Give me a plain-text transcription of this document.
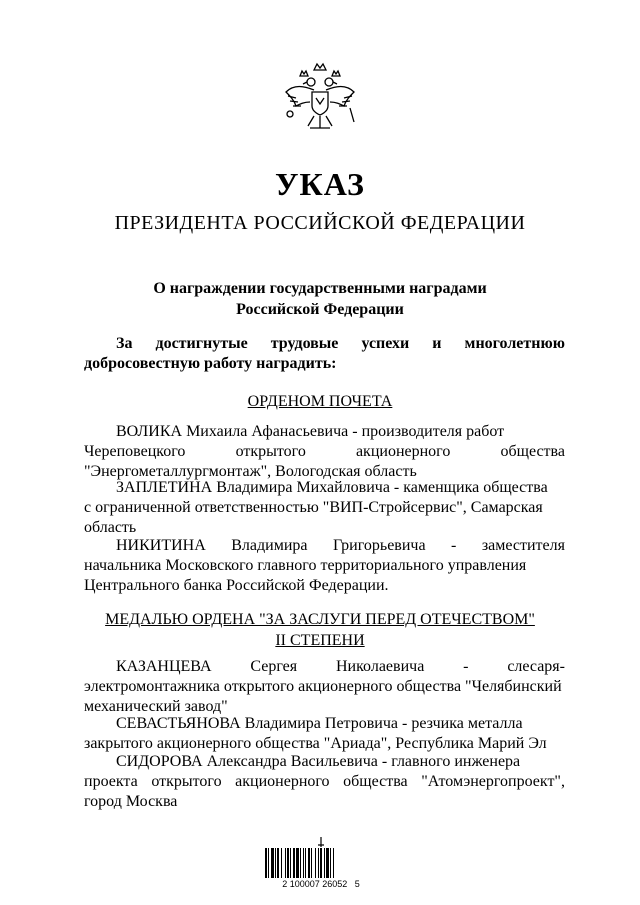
УКАЗ
ПРЕЗИДЕНТА РОССИЙСКОЙ ФЕДЕРАЦИИ
О награждении государственными наградами
Российской Федерации
За достигнутые трудовые успехи и многолетнюю
добросовестную работу наградить:
ОРДЕНОМ ПОЧЕТА
ВОЛИКА Михаила Афанасьевича - производителя работ
Череповецкого	открытого	акционерного	общества
"Энергометаллургмонтаж", Вологодская область
ЗАПЛЕТИНА Владимира Михайловича - каменщика общества
с ограниченной ответственностью "ВИП-Стройсервис", Самарская
область
НИКИТИНА Владимира Григорьевича - заместителя
начальника Московского главного территориального управления
Центрального банка Российской Федерации.
МЕДАЛЬЮ ОРДЕНА "ЗА ЗАСЛУГИ ПЕРЕД ОТЕЧЕСТВОМ"
II СТЕПЕНИ
КАЗАНЦЕВА Сергея Николаевича - слесаря-
электромонтажника открытого акционерного общества "Челябинский
механический завод"
СЕВАСТЬЯНОВА Владимира Петровича - резчика металла
закрытого акционерного общества "Ариада", Республика Марий Эл
СИДОРОВА Александра Васильевича - главного инженера
проекта открытого акционерного общества "Атомэнергопроект",
город Москва
2 100007 26052   5
